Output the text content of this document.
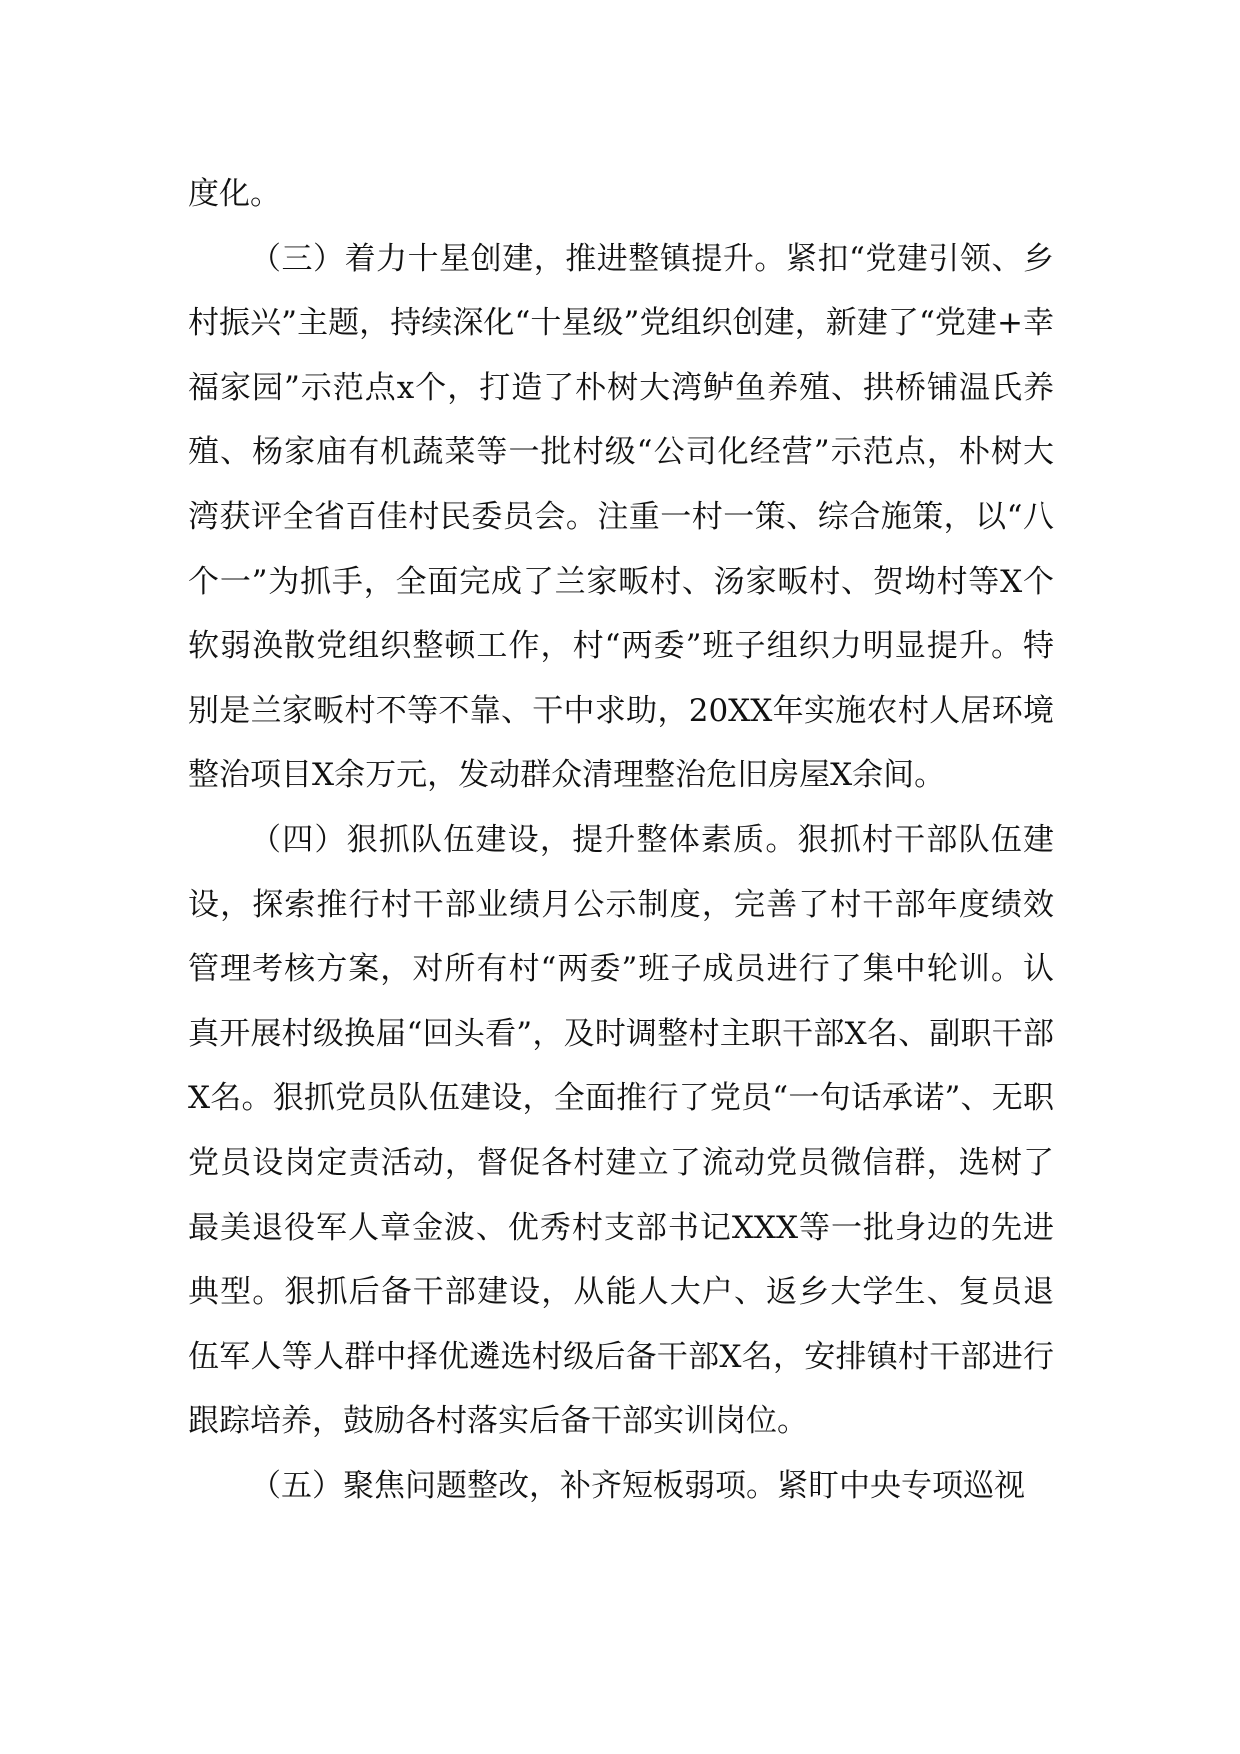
度化。

（三）着力十星创建，推进整镇提升。紧扣“党建引领、乡村振兴”主题，持续深化“十星级”党组织创建，新建了“党建+幸福家园”示范点x个，打造了朴树大湾鲈鱼养殖、拱桥铺温氏养殖、杨家庙有机蔬菜等一批村级“公司化经营”示范点，朴树大湾获评全省百佳村民委员会。注重一村一策、综合施策，以“八个一”为抓手，全面完成了兰家畈村、汤家畈村、贺坳村等X个软弱涣散党组织整顿工作，村“两委”班子组织力明显提升。特别是兰家畈村不等不靠、干中求助，20XX年实施农村人居环境整治项目X余万元，发动群众清理整治危旧房屋X余间。

（四）狠抓队伍建设，提升整体素质。狠抓村干部队伍建设，探索推行村干部业绩月公示制度，完善了村干部年度绩效管理考核方案，对所有村“两委”班子成员进行了集中轮训。认真开展村级换届“回头看”，及时调整村主职干部X名、副职干部X名。狠抓党员队伍建设，全面推行了党员“一句话承诺”、无职党员设岗定责活动，督促各村建立了流动党员微信群，选树了最美退役军人章金波、优秀村支部书记XXX等一批身边的先进典型。狠抓后备干部建设，从能人大户、返乡大学生、复员退伍军人等人群中择优遴选村级后备干部X名，安排镇村干部进行跟踪培养，鼓励各村落实后备干部实训岗位。

（五）聚焦问题整改，补齐短板弱项。紧盯中央专项巡视
